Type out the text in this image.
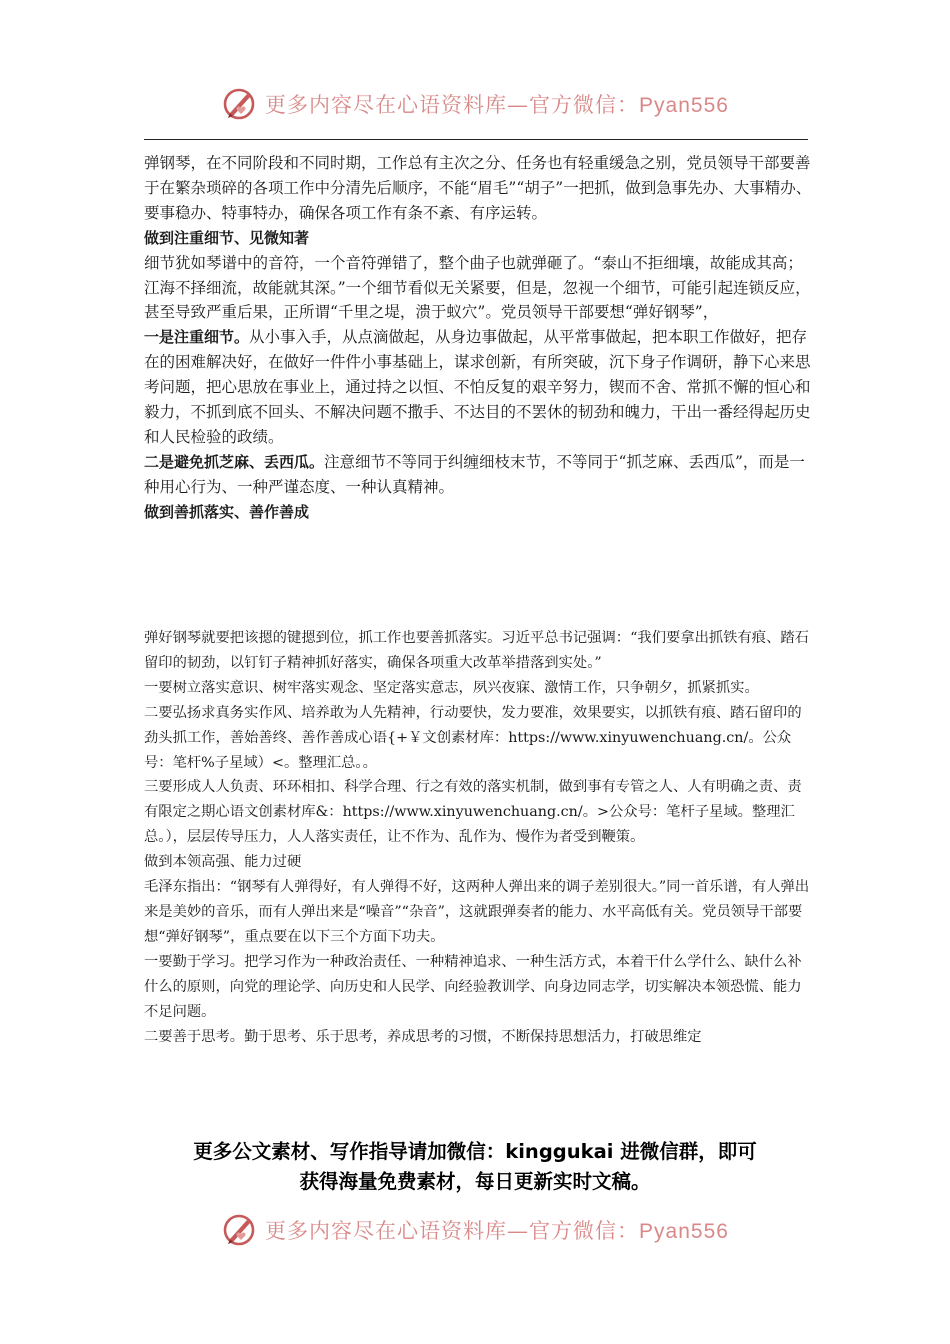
更多内容尽在心语资料库—官方微信：Pyan556

弹钢琴，在不同阶段和不同时期，工作总有主次之分、任务也有轻重缓急之别，党员领导干部要善于在繁杂琐碎的各项工作中分清先后顺序，不能“眉毛”“胡子”一把抓，做到急事先办、大事精办、要事稳办、特事特办，确保各项工作有条不紊、有序运转。

做到注重细节、见微知著

细节犹如琴谱中的音符，一个音符弹错了，整个曲子也就弹砸了。“泰山不拒细壤，故能成其高；江海不择细流，故能就其深。”一个细节看似无关紧要，但是，忽视一个细节，可能引起连锁反应，甚至导致严重后果，正所谓“千里之堤，溃于蚁穴”。党员领导干部要想“弹好钢琴”，

一是注重细节。从小事入手，从点滴做起，从身边事做起，从平常事做起，把本职工作做好，把存在的困难解决好，在做好一件件小事基础上，谋求创新，有所突破，沉下身子作调研，静下心来思考问题，把心思放在事业上，通过持之以恒、不怕反复的艰辛努力，锲而不舍、常抓不懈的恒心和毅力，不抓到底不回头、不解决问题不撒手、不达目的不罢休的韧劲和魄力，干出一番经得起历史和人民检验的政绩。

二是避免抓芝麻、丢西瓜。注意细节不等同于纠缠细枝末节，不等同于“抓芝麻、丢西瓜”，而是一种用心行为、一种严谨态度、一种认真精神。

做到善抓落实、善作善成

弹好钢琴就要把该摁的键摁到位，抓工作也要善抓落实。习近平总书记强调：“我们要拿出抓铁有痕、踏石留印的韧劲，以钉钉子精神抓好落实，确保各项重大改革举措落到实处。”

一要树立落实意识、树牢落实观念、坚定落实意志，夙兴夜寐、激情工作，只争朝夕，抓紧抓实。

二要弘扬求真务实作风、培养敢为人先精神，行动要快，发力要准，效果要实，以抓铁有痕、踏石留印的劲头抓工作，善始善终、善作善成心语{+￥文创素材库：https://www.xinyuwenchuang.cn/。公众号：笔杆%子星域）<。整理汇总。。

三要形成人人负责、环环相扣、科学合理、行之有效的落实机制，做到事有专管之人、人有明确之责、责有限定之期心语文创素材库&：https://www.xinyuwenchuang.cn/。>公众号：笔杆子星域。整理汇总。），层层传导压力，人人落实责任，让不作为、乱作为、慢作为者受到鞭策。

做到本领高强、能力过硬

毛泽东指出：“钢琴有人弹得好，有人弹得不好，这两种人弹出来的调子差别很大。”同一首乐谱，有人弹出来是美妙的音乐，而有人弹出来是“噪音”“杂音”，这就跟弹奏者的能力、水平高低有关。党员领导干部要想“弹好钢琴”，重点要在以下三个方面下功夫。

一要勤于学习。把学习作为一种政治责任、一种精神追求、一种生活方式，本着干什么学什么、缺什么补什么的原则，向党的理论学、向历史和人民学、向经验教训学、向身边同志学，切实解决本领恐慌、能力不足问题。

二要善于思考。勤于思考、乐于思考，养成思考的习惯，不断保持思想活力，打破思维定

更多公文素材、写作指导请加微信：kinggukai 进微信群，即可
获得海量免费素材，每日更新实时文稿。
更多内容尽在心语资料库—官方微信：Pyan556
